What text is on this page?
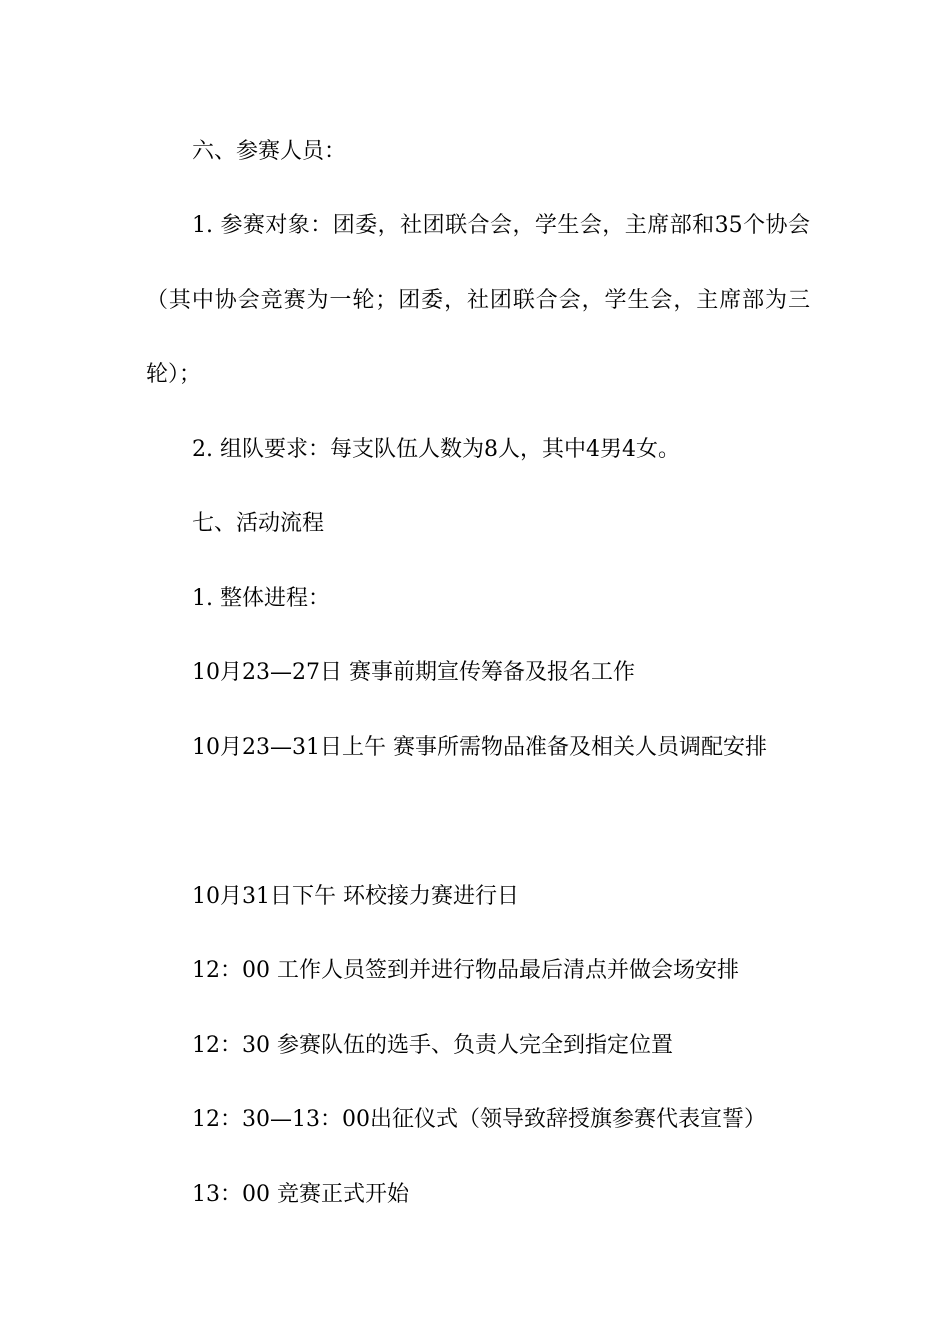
六、参赛人员：

1. 参赛对象：团委，社团联合会，学生会，主席部和35个协会（其中协会竞赛为一轮；团委，社团联合会，学生会，主席部为三轮）；

2. 组队要求：每支队伍人数为8人，其中4男4女。

七、活动流程

1. 整体进程：

10月23—27日 赛事前期宣传筹备及报名工作

10月23—31日上午 赛事所需物品准备及相关人员调配安排

10月31日下午 环校接力赛进行日

12：00 工作人员签到并进行物品最后清点并做会场安排

12：30 参赛队伍的选手、负责人完全到指定位置

12：30—13：00出征仪式（领导致辞授旗参赛代表宣誓）

13：00 竞赛正式开始
